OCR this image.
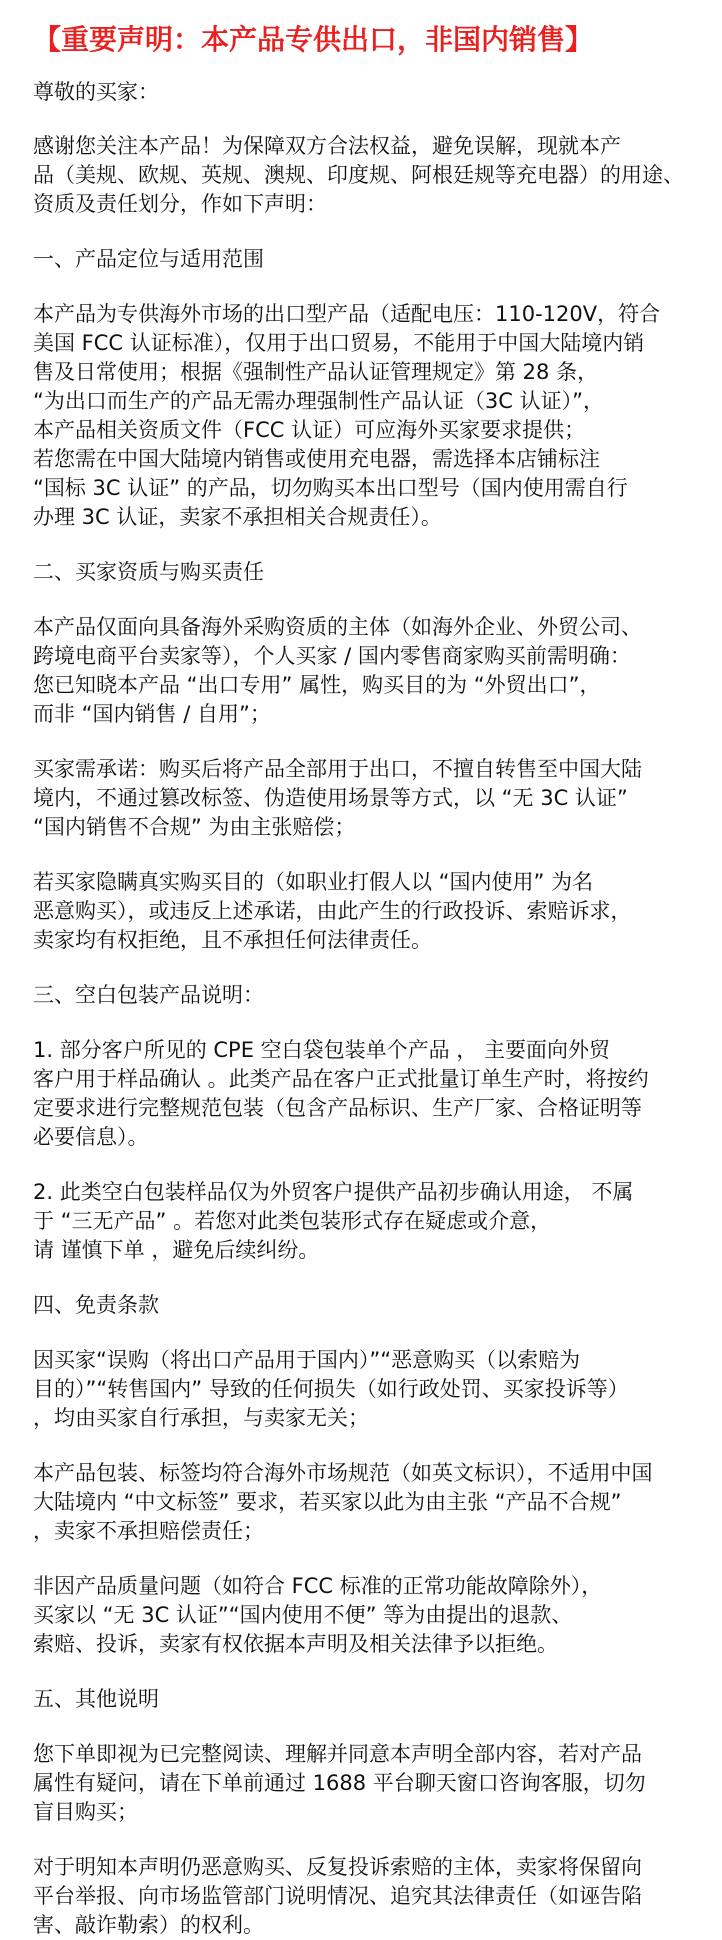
【重要声明：本产品专供出口，非国内销售】
尊敬的买家：
感谢您关注本产品！为保障双方合法权益，避免误解，现就本产
品（美规、欧规、英规、澳规、印度规、阿根廷规等充电器）的用途、
资质及责任划分，作如下声明：
一、产品定位与适用范围
本产品为专供海外市场的出口型产品（适配电压：110-120V，符合
美国 FCC 认证标准），仅用于出口贸易，不能用于中国大陆境内销
售及日常使用；根据《强制性产品认证管理规定》第 28 条，
“为出口而生产的产品无需办理强制性产品认证（3C 认证）”，
本产品相关资质文件（FCC 认证）可应海外买家要求提供；
若您需在中国大陆境内销售或使用充电器，需选择本店铺标注
“国标 3C 认证” 的产品，切勿购买本出口型号（国内使用需自行
办理 3C 认证，卖家不承担相关合规责任）。
二、买家资质与购买责任
本产品仅面向具备海外采购资质的主体（如海外企业、外贸公司、
跨境电商平台卖家等），个人买家 / 国内零售商家购买前需明确：
您已知晓本产品 “出口专用” 属性，购买目的为 “外贸出口”，
而非 “国内销售 / 自用”；
买家需承诺：购买后将产品全部用于出口，不擅自转售至中国大陆
境内，不通过篡改标签、伪造使用场景等方式，以 “无 3C 认证”
“国内销售不合规” 为由主张赔偿；
若买家隐瞒真实购买目的（如职业打假人以 “国内使用” 为名
恶意购买），或违反上述承诺，由此产生的行政投诉、索赔诉求，
卖家均有权拒绝，且不承担任何法律责任。
三、空白包装产品说明：
1. 部分客户所见的 CPE 空白袋包装单个产品 ， 主要面向外贸
客户用于样品确认 。此类产品在客户正式批量订单生产时，将按约
定要求进行完整规范包装（包含产品标识、生产厂家、合格证明等
必要信息）。
2. 此类空白包装样品仅为外贸客户提供产品初步确认用途， 不属
于 “三无产品” 。若您对此类包装形式存在疑虑或介意，
请 谨慎下单 ，避免后续纠纷。
四、免责条款
因买家“误购（将出口产品用于国内）”“恶意购买（以索赔为
目的）”“转售国内” 导致的任何损失（如行政处罚、买家投诉等）
，均由买家自行承担，与卖家无关；
本产品包装、标签均符合海外市场规范（如英文标识），不适用中国
大陆境内 “中文标签” 要求，若买家以此为由主张 “产品不合规”
，卖家不承担赔偿责任；
非因产品质量问题（如符合 FCC 标准的正常功能故障除外），
买家以 “无 3C 认证”“国内使用不便” 等为由提出的退款、
索赔、投诉，卖家有权依据本声明及相关法律予以拒绝。
五、其他说明
您下单即视为已完整阅读、理解并同意本声明全部内容，若对产品
属性有疑问，请在下单前通过 1688 平台聊天窗口咨询客服，切勿
盲目购买；
对于明知本声明仍恶意购买、反复投诉索赔的主体，卖家将保留向
平台举报、向市场监管部门说明情况、追究其法律责任（如诬告陷
害、敲诈勒索）的权利。
